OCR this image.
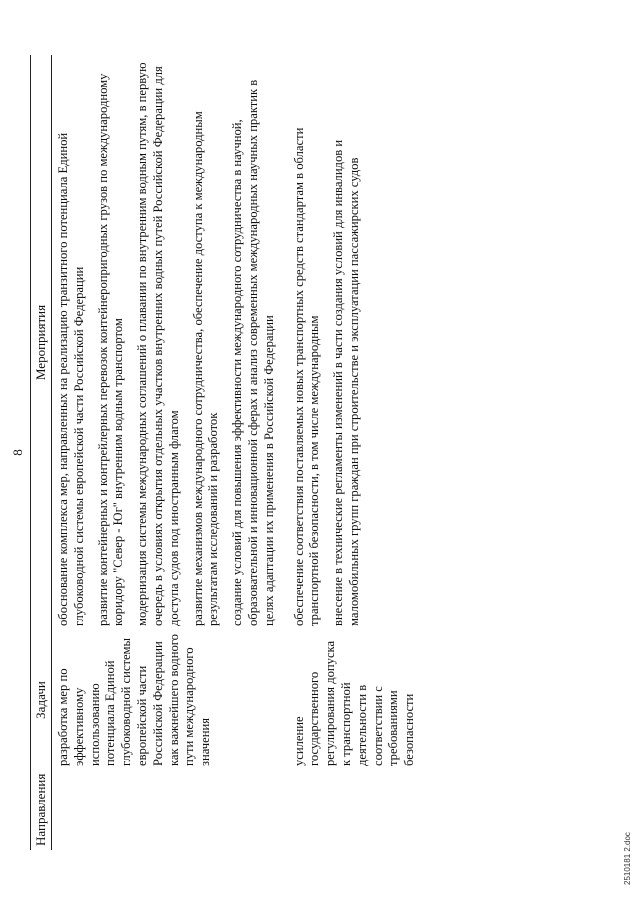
8
Направления	Задачи	Мероприятия
	разработка мер по эффективному использованию потенциала Единой глубоководной системы европейской части Российской Федерации как важнейшего водного пути международного значения	обоснование комплекса мер, направленных на реализацию транзитного потенциала Единой глубоководной системы европейской части Российской Федерации развитие контейнерных и контрейлерных перевозок контейнеропригодных грузов по международному коридору "Север - Юг" внутренним водным транспортом модернизация системы международных соглашений о плавании по внутренним водным путям, в первую очередь в условиях открытия отдельных участков внутренних водных путей Российской Федерации для доступа судов под иностранным флагом развитие механизмов международного сотрудничества, обеспечение доступа к международным результатам исследований и разработок создание условий для повышения эффективности международного сотрудничества в научной, образовательной и инновационной сферах и анализ современных международных научных практик в целях адаптации их применения в Российской Федерации

	усиление государственного регулирования допуска к транспортной деятельности в соответствии с требованиями безопасности	обеспечение соответствия поставляемых новых транспортных средств стандартам в области транспортной безопасности, в том числе международным внесение в технические регламенты изменений в части создания условий для инвалидов и маломобильных групп граждан при строительстве и эксплуатации пассажирских судов

2510181 2.doc
